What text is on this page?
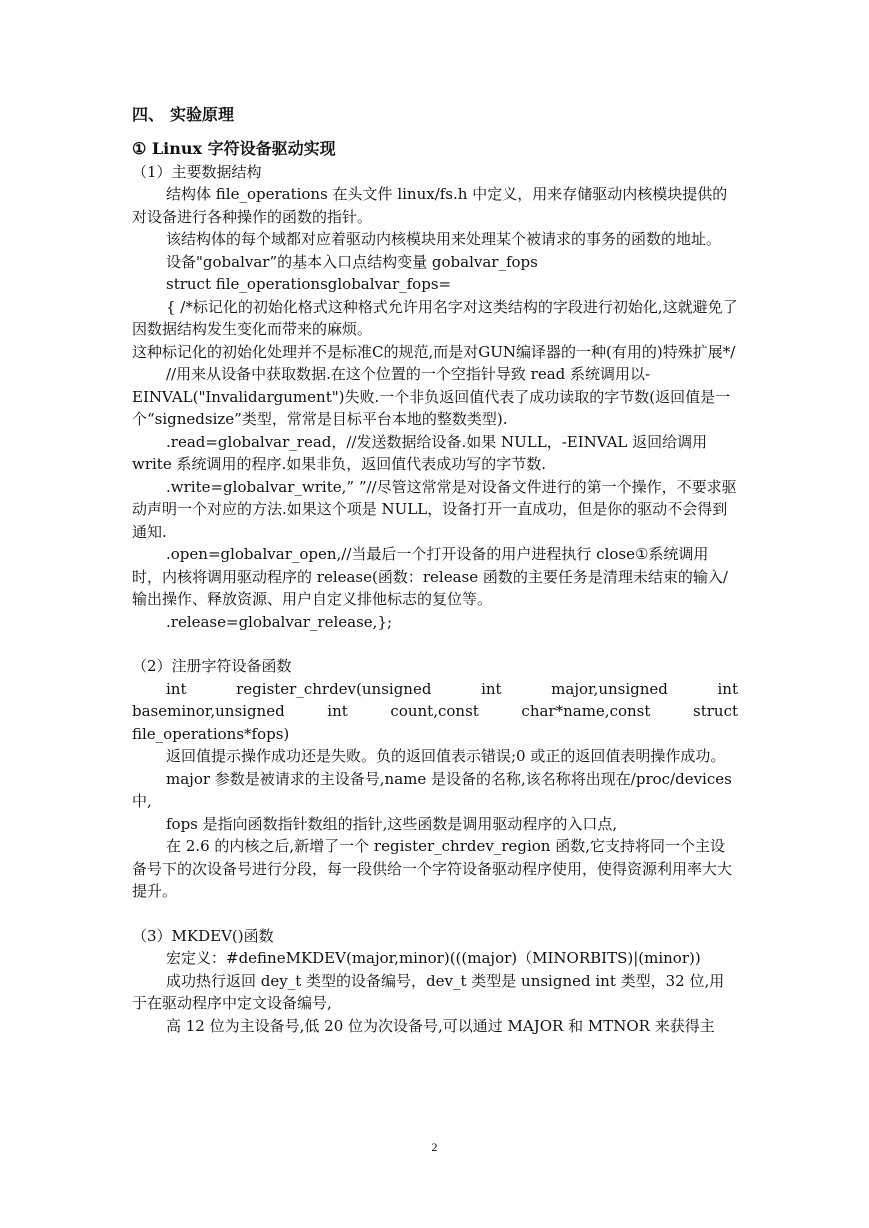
四、 实验原理
① Linux 字符设备驱动实现

（1）主要数据结构

结构体 file_operations 在头文件 linux/fs.h 中定义，用来存储驱动内核模块提供的对设备进行各种操作的函数的指针。

该结构体的每个域都对应着驱动内核模块用来处理某个被请求的事务的函数的地址。

设备"gobalvar”的基本入口点结构变量 gobalvar_fops

struct file_operationsglobalvar_fops=

{ /*标记化的初始化格式这种格式允许用名字对这类结构的字段进行初始化,这就避免了因数据结构发生变化而带来的麻烦。

这种标记化的初始化处理并不是标准C的规范,而是对GUN编译器的一种(有用的)特殊扩展*/

//用来从设备中获取数据.在这个位置的一个空指针导致 read 系统调用以-EINVAL("Invalidargument")失败.一个非负返回值代表了成功读取的字节数(返回值是一个“signedsize”类型，常常是目标平台本地的整数类型).

.read=globalvar_read，//发送数据给设备.如果 NULL，-EINVAL 返回给调用 write 系统调用的程序.如果非负，返回值代表成功写的字节数.

.write=globalvar_write,” ”//尽管这常常是对设备文件进行的第一个操作，不要求驱动声明一个对应的方法.如果这个项是 NULL，设备打开一直成功，但是你的驱动不会得到通知.

.open=globalvar_open,//当最后一个打开设备的用户进程执行 close①系统调用时，内核将调用驱动程序的 release(函数：release 函数的主要任务是清理未结束的输入/输出操作、释放资源、用户自定义排他标志的复位等。

.release=globalvar_release,};

（2）注册字符设备函数

int register_chrdev(unsigned int major,unsigned int

baseminor,unsigned int count,const char*name,const struct

file_operations*fops)

返回值提示操作成功还是失败。负的返回值表示错误;0 或正的返回值表明操作成功。

major 参数是被请求的主设备号,name 是设备的名称,该名称将出现在/proc/devices 中,

fops 是指向函数指针数组的指针,这些函数是调用驱动程序的入口点,

在 2.6 的内核之后,新增了一个 register_chrdev_region 函数,它支持将同一个主设备号下的次设备号进行分段，每一段供给一个字符设备驱动程序使用，使得资源利用率大大提升。

（3）MKDEV()函数

宏定义：#defineMKDEV(major,minor)(((major)（MINORBITS)|(minor))

成功热行返回 dey_t 类型的设备编号，dev_t 类型是 unsigned int 类型，32 位,用于在驱动程序中定文设备编号,

高 12 位为主设备号,低 20 位为次设备号,可以通过 MAJOR 和 MTNOR 来获得主

2
